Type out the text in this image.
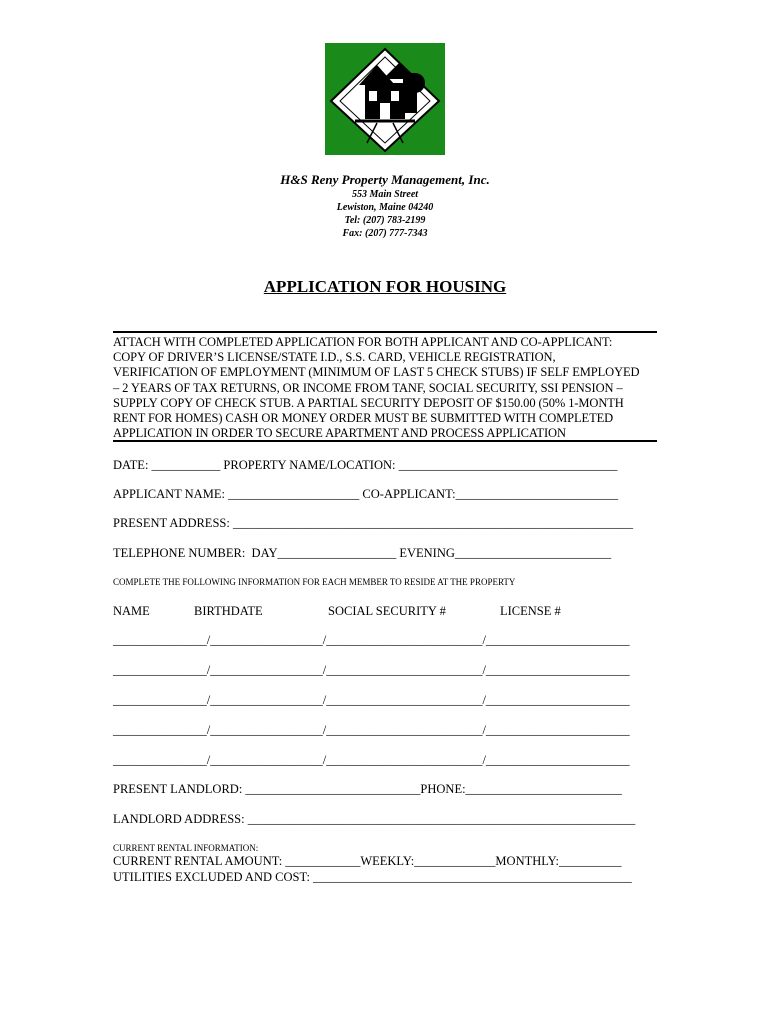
H&S Reny Property Management, Inc.
553 Main Street
Lewiston, Maine 04240
Tel: (207) 783-2199
Fax: (207) 777-7343
APPLICATION FOR HOUSING
ATTACH WITH COMPLETED APPLICATION FOR BOTH APPLICANT AND CO-APPLICANT:
COPY OF DRIVER’S LICENSE/STATE I.D., S.S. CARD, VEHICLE REGISTRATION,
VERIFICATION OF EMPLOYMENT (MINIMUM OF LAST 5 CHECK STUBS) IF SELF EMPLOYED
– 2 YEARS OF TAX RETURNS, OR INCOME FROM TANF, SOCIAL SECURITY, SSI PENSION –
SUPPLY COPY OF CHECK STUB. A PARTIAL SECURITY DEPOSIT OF $150.00 (50% 1-MONTH
RENT FOR HOMES) CASH OR MONEY ORDER MUST BE SUBMITTED WITH COMPLETED
APPLICATION IN ORDER TO SECURE APARTMENT AND PROCESS APPLICATION
DATE: ___________ PROPERTY NAME/LOCATION: ___________________________________
APPLICANT NAME: _____________________ CO-APPLICANT:__________________________
PRESENT ADDRESS: ________________________________________________________________
TELEPHONE NUMBER:  DAY___________________ EVENING_________________________
COMPLETE THE FOLLOWING INFORMATION FOR EACH MEMBER TO RESIDE AT THE PROPERTY
NAME	BIRTHDATE	SOCIAL SECURITY #	LICENSE #
_______________/__________________/_________________________/_______________________
_______________/__________________/_________________________/_______________________
_______________/__________________/_________________________/_______________________
_______________/__________________/_________________________/_______________________
_______________/__________________/_________________________/_______________________
PRESENT LANDLORD: ____________________________PHONE:_________________________
LANDLORD ADDRESS: ______________________________________________________________
CURRENT RENTAL INFORMATION:
CURRENT RENTAL AMOUNT: ____________WEEKLY:_____________MONTHLY:__________
UTILITIES EXCLUDED AND COST: ___________________________________________________
